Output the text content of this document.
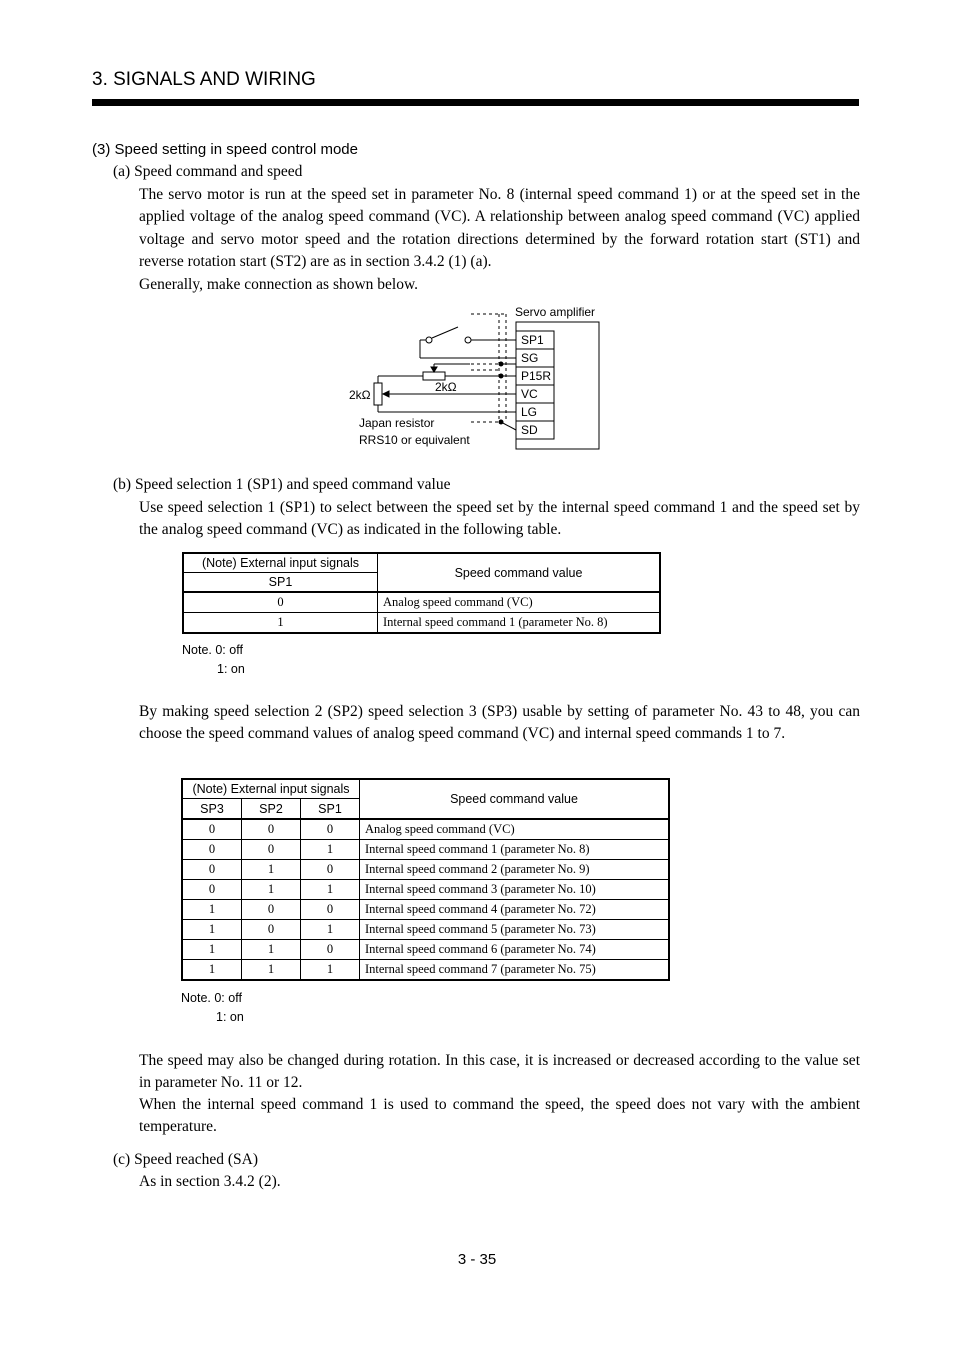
3. SIGNALS AND WIRING
(3) Speed setting in speed control mode
(a) Speed command and speed
The servo motor is run at the speed set in parameter No. 8 (internal speed command 1) or at the speed set in the applied voltage of the analog speed command (VC). A relationship between analog speed command (VC) applied voltage and servo motor speed and the rotation directions determined by the forward rotation start (ST1) and reverse rotation start (ST2) are as in section 3.4.2 (1) (a).
Generally, make connection as shown below.
Servo amplifier
SP1
SG
P15R
VC
LG
SD
2kΩ
2kΩ
Japan resistor
RRS10 or equivalent
(b) Speed selection 1 (SP1) and speed command value
Use speed selection 1 (SP1) to select between the speed set by the internal speed command 1 and the speed set by the analog speed command (VC) as indicated in the following table.
(Note) External input signals	Speed command value
SP1	
0	Analog speed command (VC)
1	Internal speed command 1 (parameter No. 8)
Note. 0: off
1: on
By making speed selection 2 (SP2) speed selection 3 (SP3) usable by setting of parameter No. 43 to 48, you can choose the speed command values of analog speed command (VC) and internal speed commands 1 to 7.
(Note) External input signals			Speed command value
SP3	SP2	SP1	
0	0	0	Analog speed command (VC)
0	0	1	Internal speed command 1 (parameter No. 8)
0	1	0	Internal speed command 2 (parameter No. 9)
0	1	1	Internal speed command 3 (parameter No. 10)
1	0	0	Internal speed command 4 (parameter No. 72)
1	0	1	Internal speed command 5 (parameter No. 73)
1	1	0	Internal speed command 6 (parameter No. 74)
1	1	1	Internal speed command 7 (parameter No. 75)
Note. 0: off
1: on
The speed may also be changed during rotation. In this case, it is increased or decreased according to the value set in parameter No. 11 or 12.
When the internal speed command 1 is used to command the speed, the speed does not vary with the ambient temperature.
(c) Speed reached (SA)
As in section 3.4.2 (2).
3 - 35
